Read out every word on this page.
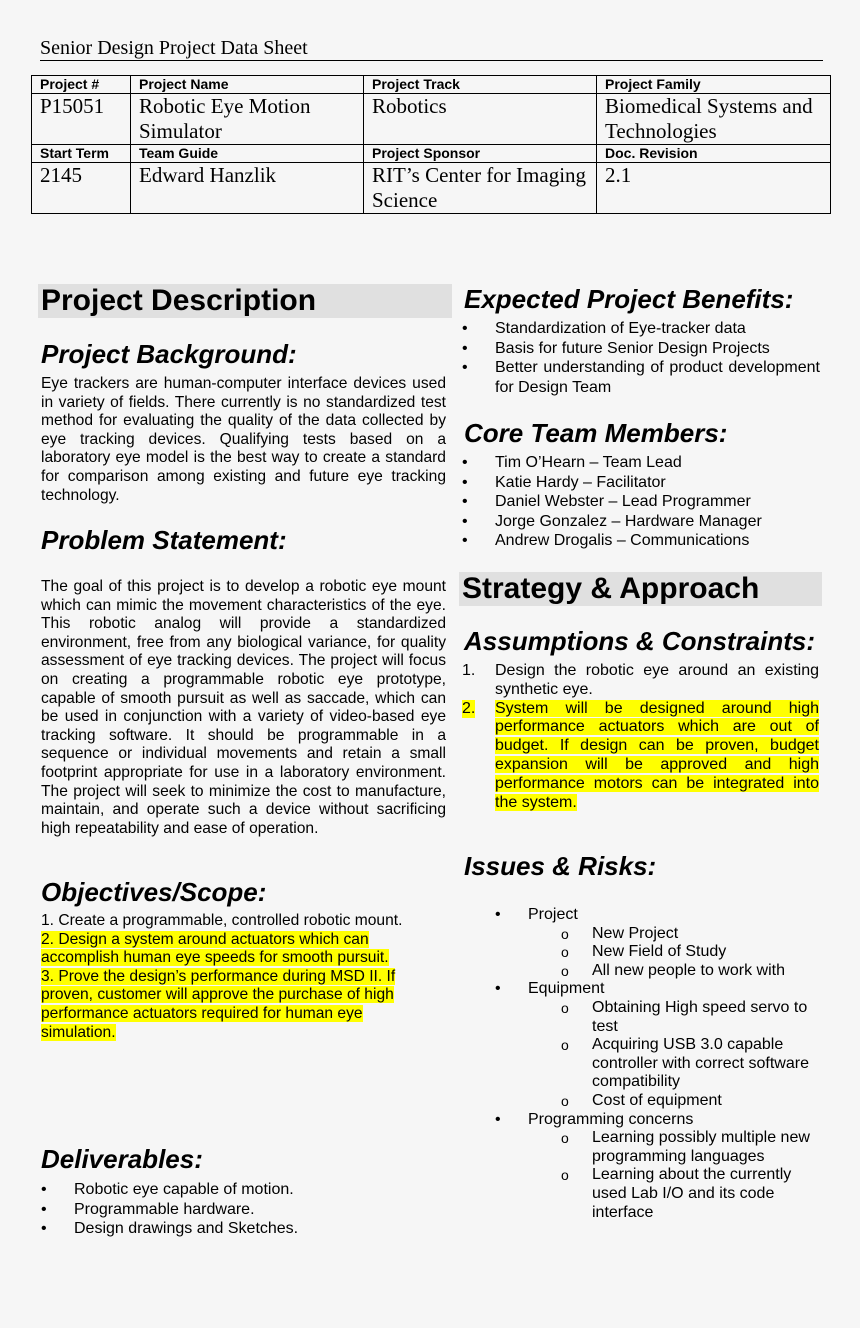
Senior Design Project Data Sheet
Project #	Project Name	Project Track	Project Family
P15051	Robotic Eye Motion Simulator	Robotics	Biomedical Systems and Technologies
Start Term	Team Guide	Project Sponsor	Doc. Revision
2145	Edward Hanzlik	RIT’s Center for Imaging Science	2.1
Project Description
Project Background:
Eye trackers are human-computer interface devices used in variety of fields. There currently is no standardized test method for evaluating the quality of the data collected by eye tracking devices. Qualifying tests based on a laboratory eye model is the best way to create a standard for comparison among existing and future eye tracking technology.
Problem Statement:
The goal of this project is to develop a robotic eye mount which can mimic the movement characteristics of the eye. This robotic analog will provide a standardized environment, free from any biological variance, for quality assessment of eye tracking devices. The project will focus on creating a programmable robotic eye prototype, capable of smooth pursuit as well as saccade, which can be used in conjunction with a variety of video-based eye tracking software. It should be programmable in a sequence or individual movements and retain a small footprint appropriate for use in a laboratory environment. The project will seek to minimize the cost to manufacture, maintain, and operate such a device without sacrificing high repeatability and ease of operation.
Objectives/Scope:
1. Create a programmable, controlled robotic mount.
2. Design a system around actuators which can accomplish human eye speeds for smooth pursuit.
3. Prove the design’s performance during MSD II. If proven, customer will approve the purchase of high performance actuators required for human eye simulation.
Deliverables:
• Robotic eye capable of motion.
• Programmable hardware.
• Design drawings and Sketches.
Expected Project Benefits:
• Standardization of Eye-tracker data
• Basis for future Senior Design Projects
• Better understanding of product development for Design Team
Core Team Members:
• Tim O’Hearn – Team Lead
• Katie Hardy – Facilitator
• Daniel Webster – Lead Programmer
• Jorge Gonzalez – Hardware Manager
• Andrew Drogalis – Communications
Strategy & Approach
Assumptions & Constraints:
1. Design the robotic eye around an existing synthetic eye.
2. System will be designed around high performance actuators which are out of budget. If design can be proven, budget expansion will be approved and high performance motors can be integrated into the system.
Issues & Risks:
• Project
o New Project
o New Field of Study
o All new people to work with
• Equipment
o Obtaining High speed servo to test
o Acquiring USB 3.0 capable controller with correct software compatibility
o Cost of equipment
• Programming concerns
o Learning possibly multiple new programming languages
o Learning about the currently used Lab I/O and its code interface
